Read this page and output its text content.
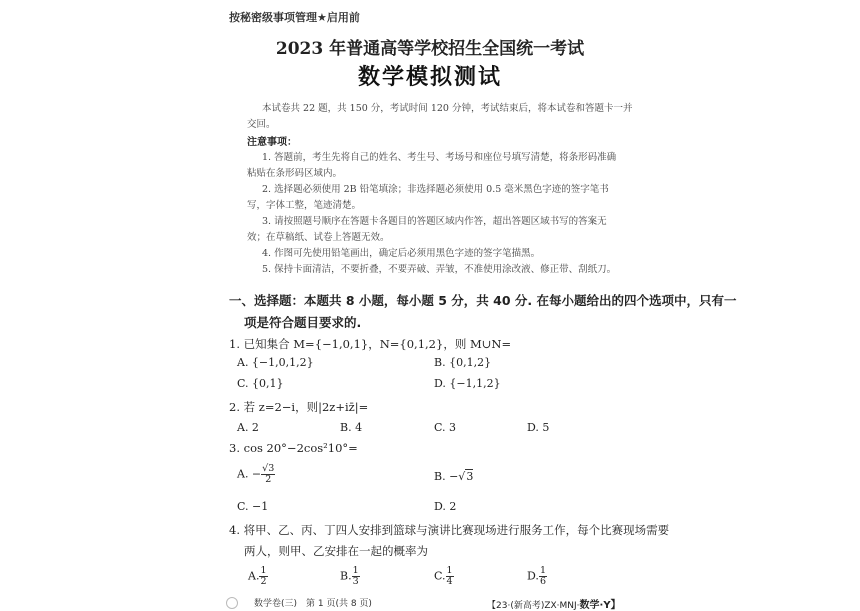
按秘密级事项管理★启用前
2023 年普通高等学校招生全国统一考试
数学模拟测试
本试卷共 22 题，共 150 分，考试时间 120 分钟，考试结束后，将本试卷和答题卡一并
交回。
注意事项：
1. 答题前，考生先将自己的姓名、考生号、考场号和座位号填写清楚，将条形码准确
粘贴在条形码区域内。
2. 选择题必须使用 2B 铅笔填涂；非选择题必须使用 0.5 毫米黑色字迹的签字笔书
写，字体工整，笔迹清楚。
3. 请按照题号顺序在答题卡各题目的答题区域内作答，超出答题区域书写的答案无
效；在草稿纸、试卷上答题无效。
4. 作图可先使用铅笔画出，确定后必须用黑色字迹的签字笔描黑。
5. 保持卡面清洁，不要折叠，不要弄破、弄皱，不准使用涂改液、修正带、刮纸刀。
一、选择题：本题共 8 小题，每小题 5 分，共 40 分. 在每小题给出的四个选项中，只有一
项是符合题目要求的.
1. 已知集合 M={−1,0,1}，N={0,1,2}，则 M∪N=
A. {−1,0,1,2}	B. {0,1,2}
C. {0,1}	D. {−1,1,2}
2. 若 z=2−i，则|2z+iz̄|=
A. 2	B. 4	C. 3	D. 5
3. cos 20°−2cos²10°=
A. − $\frac{√3}{2}$	B. −√3
C. −1	D. 2
4. 将甲、乙、丙、丁四人安排到篮球与演讲比赛现场进行服务工作，每个比赛现场需要
两人，则甲、乙安排在一起的概率为
A. $\frac{1}{2}$	B. $\frac{1}{3}$	C. $\frac{1}{4}$	D. $\frac{1}{6}$
数学卷(三)　第 1 页(共 8 页)	【23·(新高考)ZX·MNJ·数学·Y】
